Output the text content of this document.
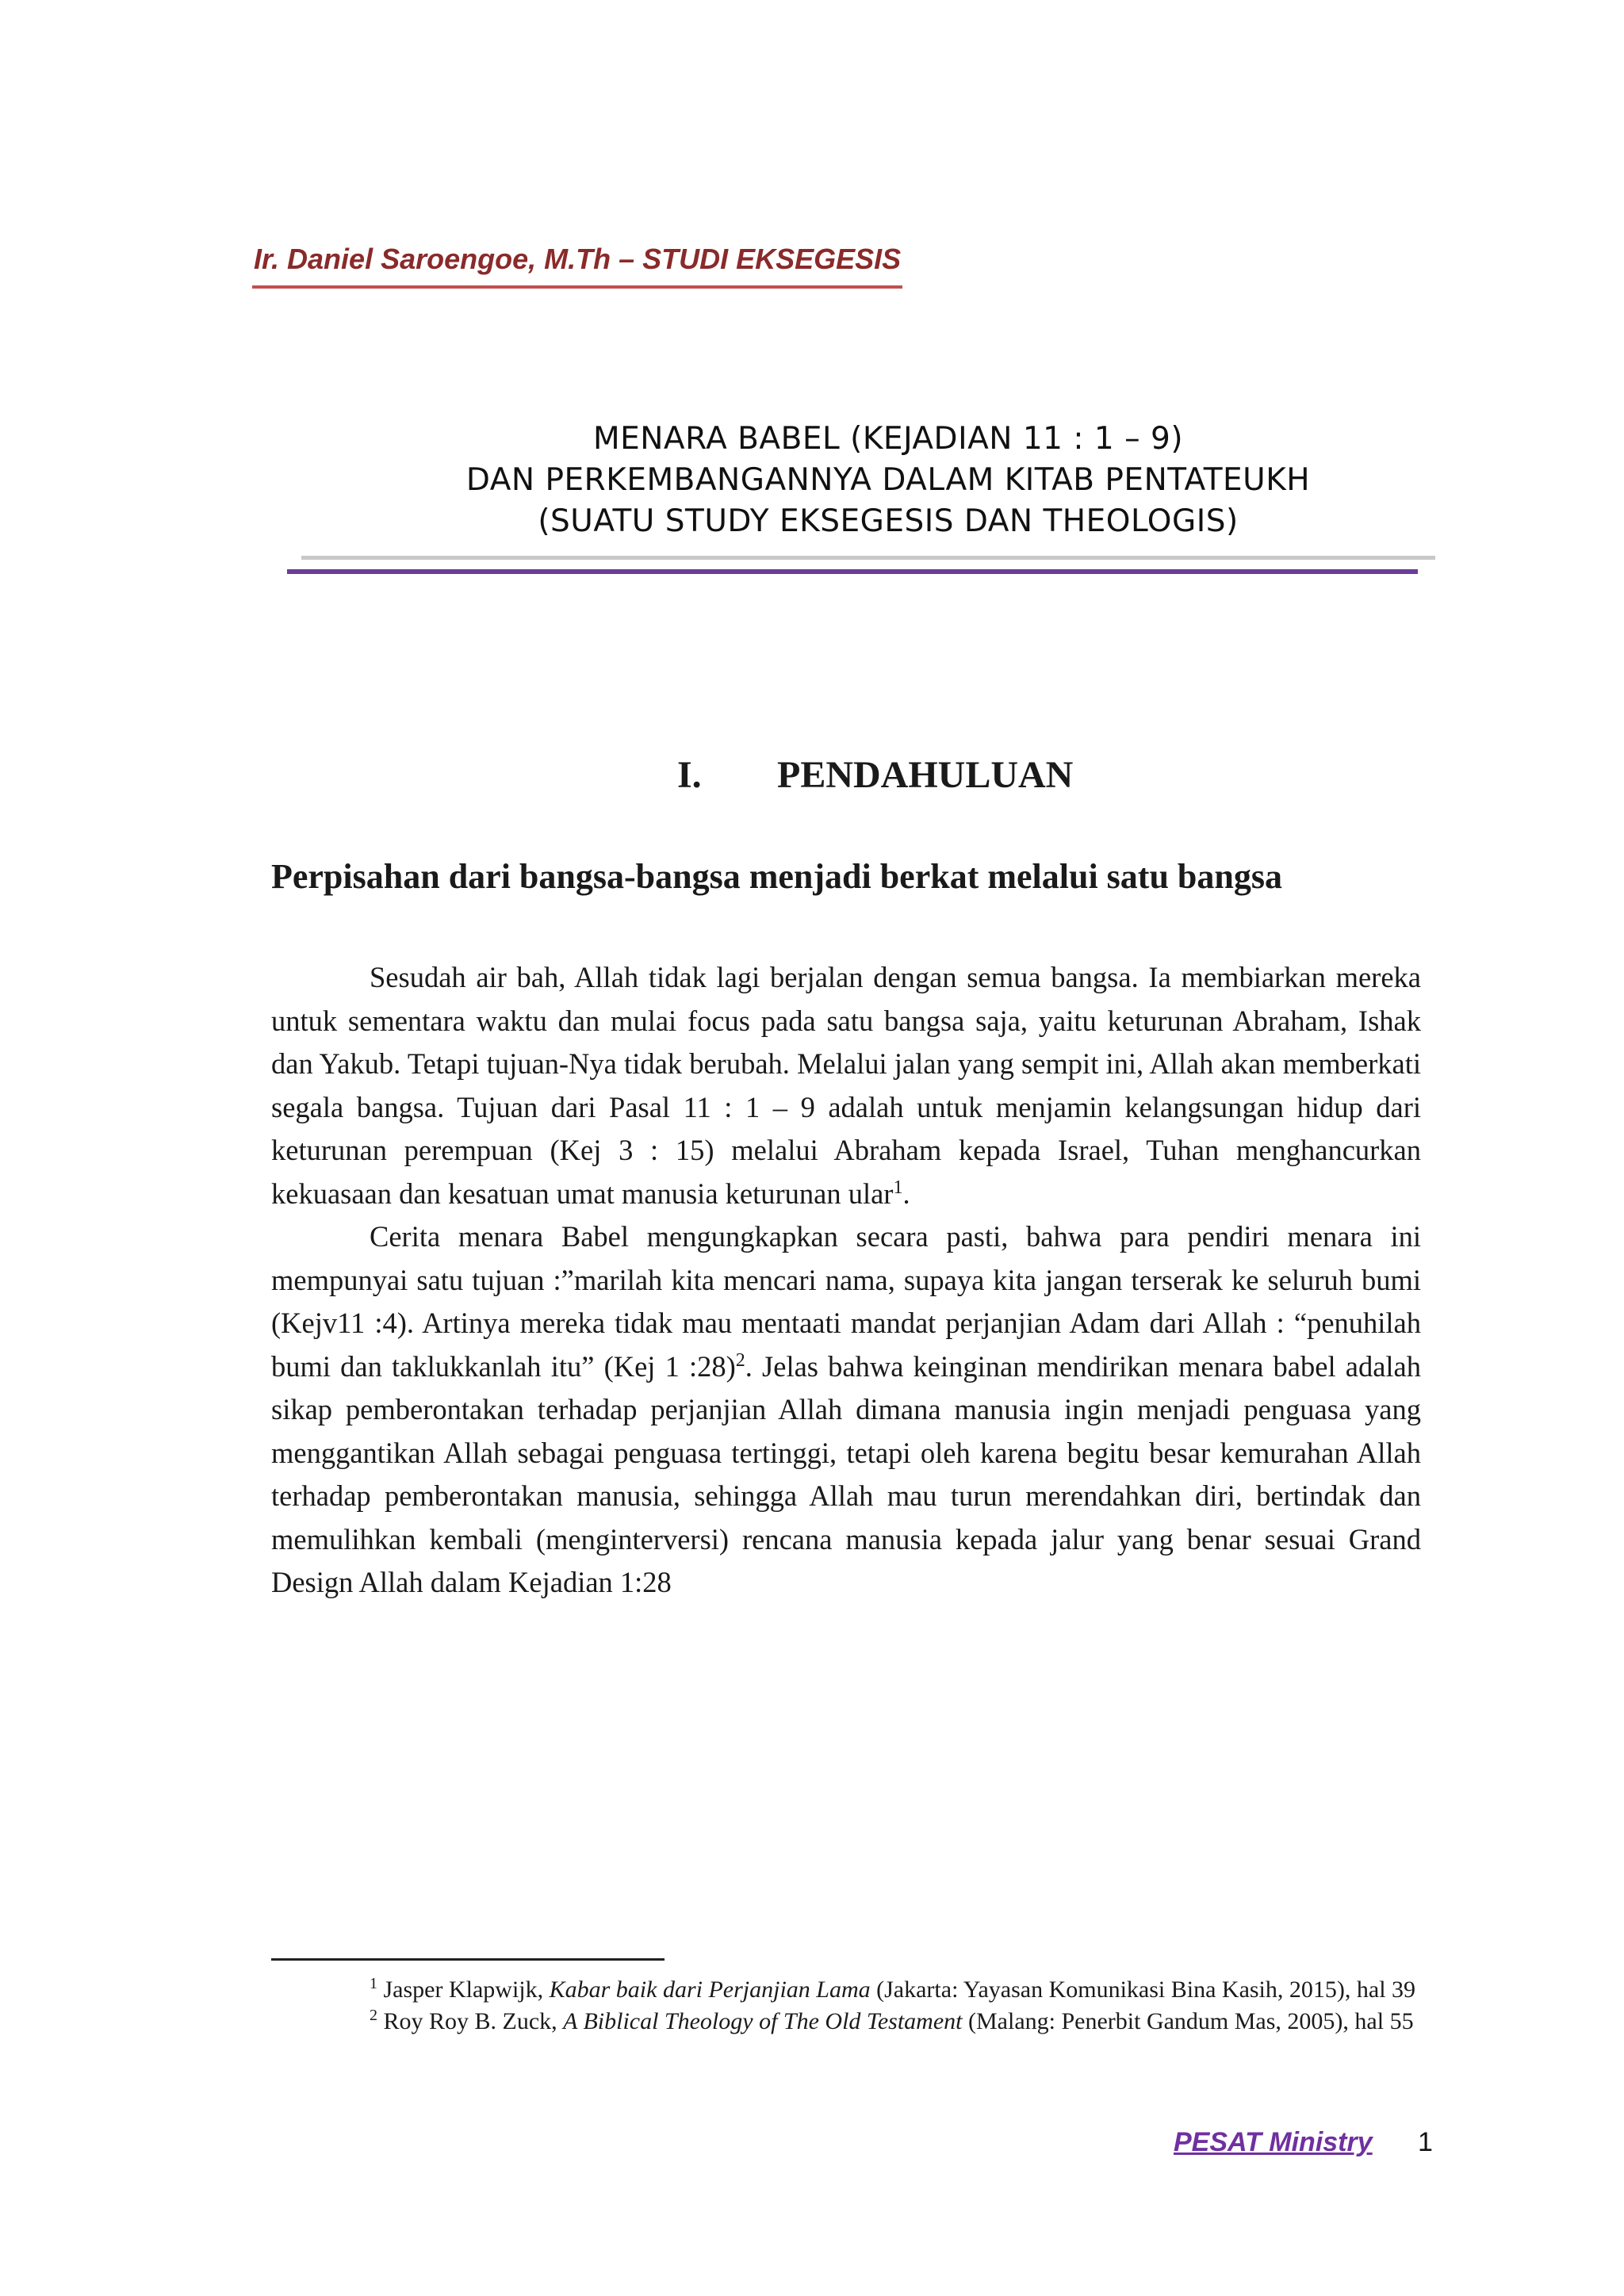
Ir. Daniel Saroengoe, M.Th – STUDI EKSEGESIS
MENARA BABEL (KEJADIAN 11 : 1 – 9)
DAN PERKEMBANGANNYA DALAM KITAB PENTATEUKH
(SUATU STUDY EKSEGESIS DAN THEOLOGIS)
I. PENDAHULUAN
Perpisahan dari bangsa-bangsa menjadi berkat melalui satu bangsa

Sesudah air bah, Allah tidak lagi berjalan dengan semua bangsa. Ia membiarkan mereka untuk sementara waktu dan mulai focus pada satu bangsa saja, yaitu keturunan Abraham, Ishak dan Yakub. Tetapi tujuan-Nya tidak berubah. Melalui jalan yang sempit ini, Allah akan memberkati segala bangsa. Tujuan dari Pasal 11 : 1 – 9 adalah untuk menjamin kelangsungan hidup dari keturunan perempuan (Kej 3 : 15) melalui Abraham kepada Israel, Tuhan menghancurkan kekuasaan dan kesatuan umat manusia keturunan ular$^1$.

Cerita menara Babel mengungkapkan secara pasti, bahwa para pendiri menara ini mempunyai satu tujuan :”marilah kita mencari nama, supaya kita jangan terserak ke seluruh bumi (Kejv11 :4). Artinya mereka tidak mau mentaati mandat perjanjian Adam dari Allah : “penuhilah bumi dan taklukkanlah itu” (Kej 1 :28)$^2$. Jelas bahwa keinginan mendirikan menara babel adalah sikap pemberontakan terhadap perjanjian Allah dimana manusia ingin menjadi penguasa yang menggantikan Allah sebagai penguasa tertinggi, tetapi oleh karena begitu besar kemurahan Allah terhadap pemberontakan manusia, sehingga Allah mau turun merendahkan diri, bertindak dan memulihkan kembali (menginterversi) rencana manusia kepada jalur yang benar sesuai Grand Design Allah dalam Kejadian 1:28

$^1$ Jasper Klapwijk, Kabar baik dari Perjanjian Lama (Jakarta: Yayasan Komunikasi Bina Kasih, 2015), hal 39

$^2$ Roy Roy B. Zuck, A Biblical Theology of The Old Testament (Malang: Penerbit Gandum Mas, 2005), hal 55

PESAT Ministry 1
